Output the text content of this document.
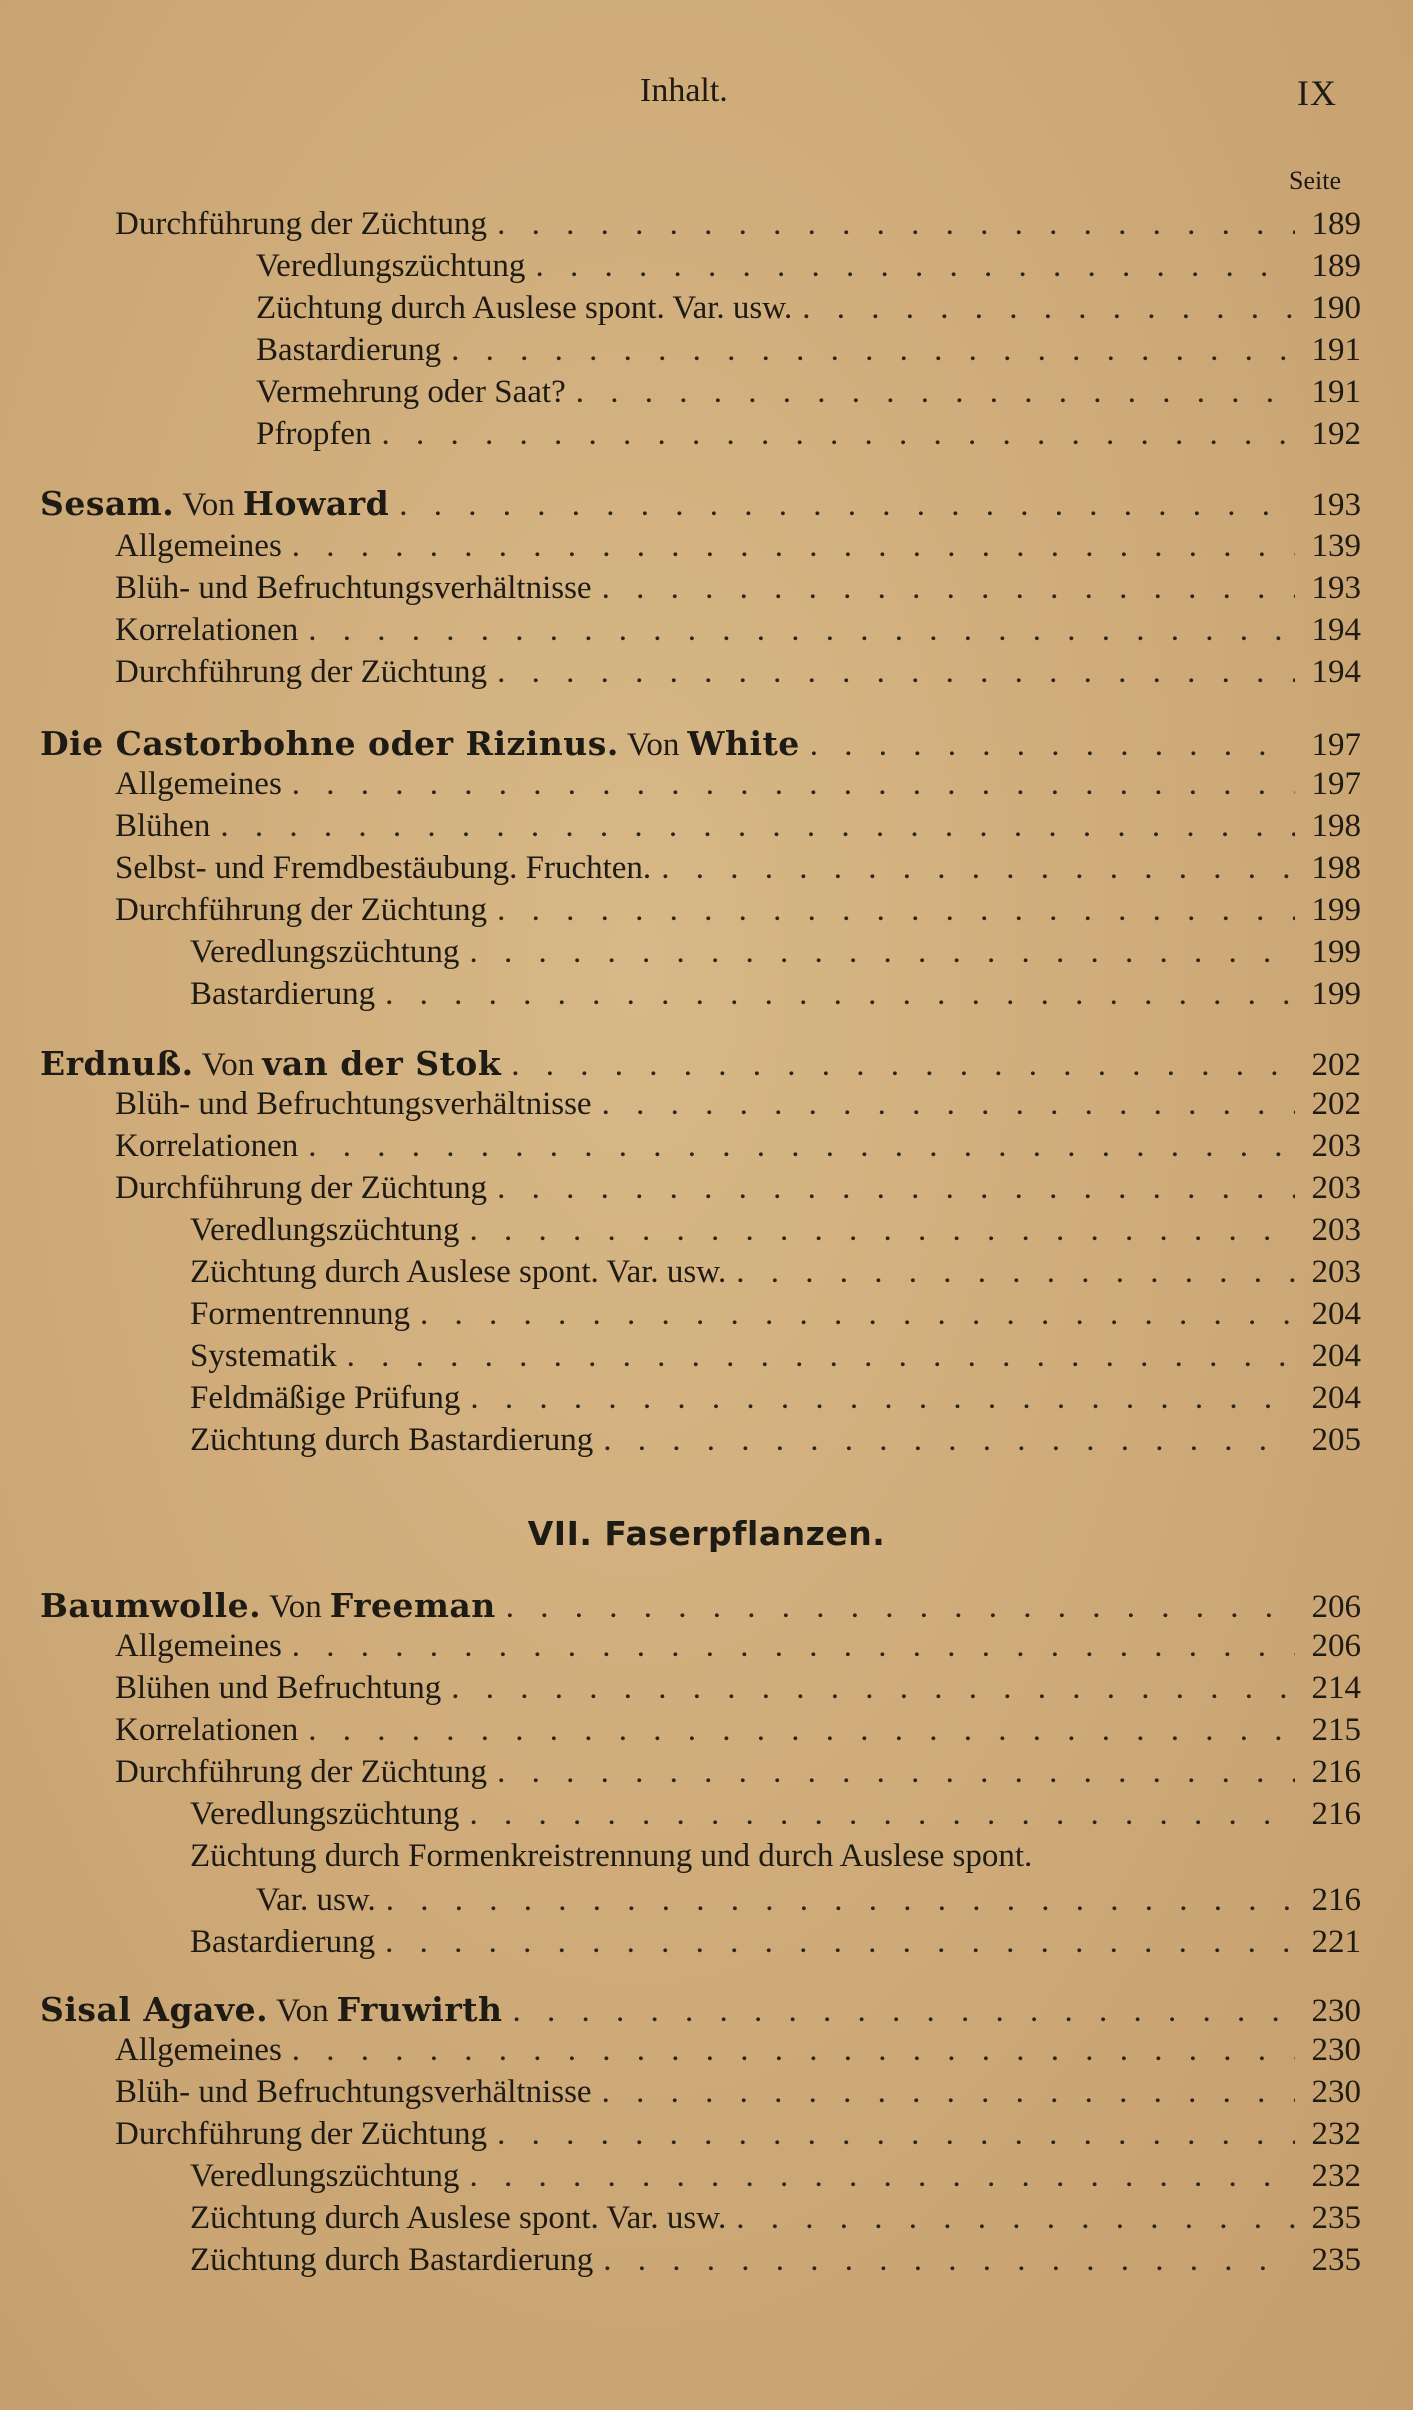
Inhalt.	IX
Seite
Durchführung der Züchtung . . .	189
Veredlungszüchtung . . .	189
Züchtung durch Auslese spont. Var. usw. . . .	190
Bastardierung . . .	191
Vermehrung oder Saat? . . .	191
Pfropfen . . .	192
Sesam. Von Howard . . .	193
Allgemeines . . .	139
Blüh- und Befruchtungsverhältnisse . . .	193
Korrelationen . . .	194
Durchführung der Züchtung . . .	194
Die Castorbohne oder Rizinus. Von White . . .	197
Allgemeines . . .	197
Blühen . . .	198
Selbst- und Fremdbestäubung. Fruchten. . . .	198
Durchführung der Züchtung . . .	199
Veredlungszüchtung . . .	199
Bastardierung . . .	199
Erdnuß. Von van der Stok . . .	202
Blüh- und Befruchtungsverhältnisse . . .	202
Korrelationen . . .	203
Durchführung der Züchtung . . .	203
Veredlungszüchtung . . .	203
Züchtung durch Auslese spont. Var. usw. . . .	203
Formentrennung . . .	204
Systematik . . .	204
Feldmäßige Prüfung . . .	204
Züchtung durch Bastardierung . . .	205
VII. Faserpflanzen.
Baumwolle. Von Freeman . . .	206
Allgemeines . . .	206
Blühen und Befruchtung . . .	214
Korrelationen . . .	215
Durchführung der Züchtung . . .	216
Veredlungszüchtung . . .	216
Züchtung durch Formenkreistrennung und durch Auslese spont.
Var. usw. . . .	216
Bastardierung . . .	221
Sisal Agave. Von Fruwirth . . .	230
Allgemeines . . .	230
Blüh- und Befruchtungsverhältnisse . . .	230
Durchführung der Züchtung . . .	232
Veredlungszüchtung . . .	232
Züchtung durch Auslese spont. Var. usw. . . .	235
Züchtung durch Bastardierung . . .	235
